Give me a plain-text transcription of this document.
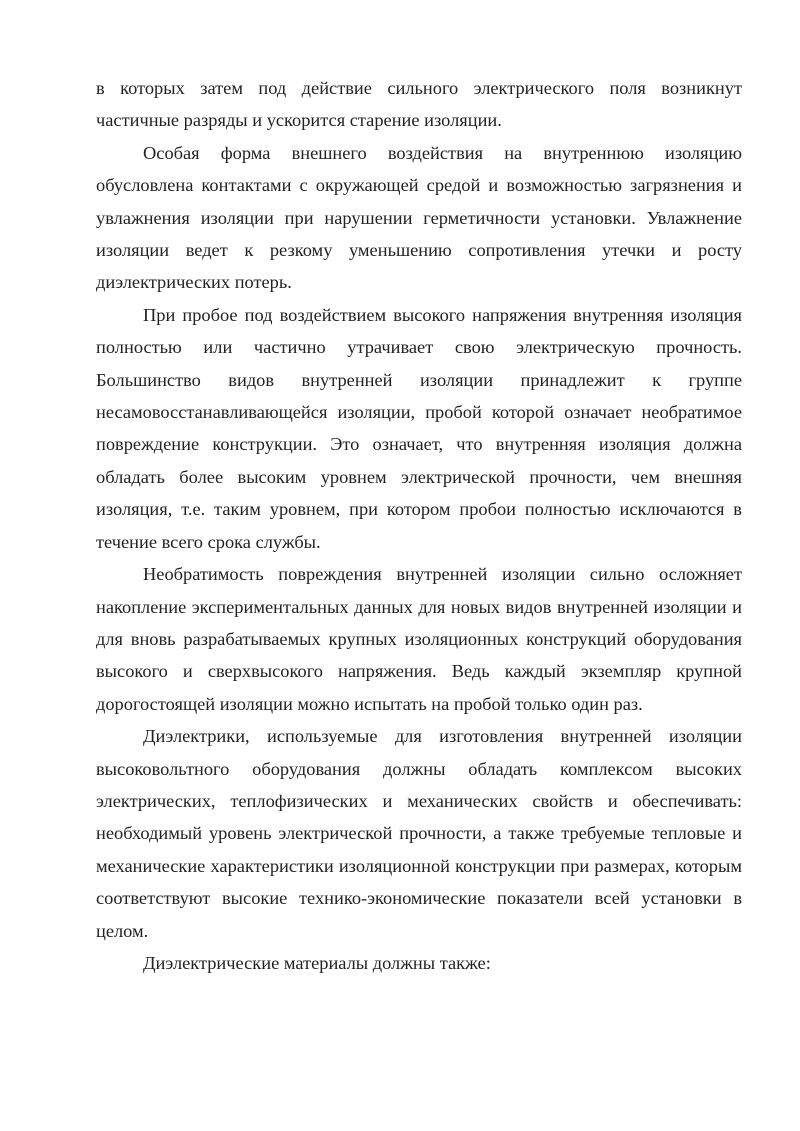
в которых затем под действие сильного электрического поля возникнут частичные разряды и ускорится старение изоляции.

Особая форма внешнего воздействия на внутреннюю изоляцию обусловлена контактами с окружающей средой и возможностью загрязнения и увлажнения изоляции при нарушении герметичности установки. Увлажнение изоляции ведет к резкому уменьшению сопротивления утечки и росту диэлектрических потерь.

При пробое под воздействием высокого напряжения внутренняя изоляция полностью или частично утрачивает свою электрическую прочность. Большинство видов внутренней изоляции принадлежит к группе несамовосстанавливающейся изоляции, пробой которой означает необратимое повреждение конструкции. Это означает, что внутренняя изоляция должна обладать более высоким уровнем электрической прочности, чем внешняя изоляция, т.е. таким уровнем, при котором пробои полностью исключаются в течение всего срока службы.

Необратимость повреждения внутренней изоляции сильно осложняет накопление экспериментальных данных для новых видов внутренней изоляции и для вновь разрабатываемых крупных изоляционных конструкций оборудования высокого и сверхвысокого напряжения. Ведь каждый экземпляр крупной дорогостоящей изоляции можно испытать на пробой только один раз.

Диэлектрики, используемые для изготовления внутренней изоляции высоковольтного оборудования должны обладать комплексом высоких электрических, теплофизических и механических свойств и обеспечивать: необходимый уровень электрической прочности, а также требуемые тепловые и механические характеристики изоляционной конструкции при размерах, которым соответствуют высокие технико-экономические показатели всей установки в целом.

Диэлектрические материалы должны также:
